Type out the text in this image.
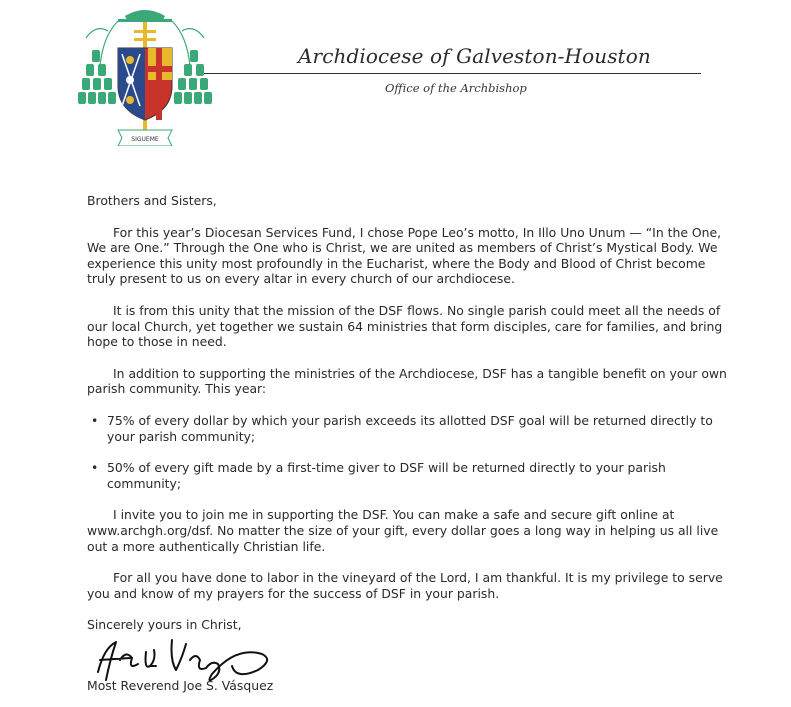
SIGUEME
Archdiocese of Galveston-Houston
Office of the Archbishop

Brothers and Sisters,

For this year’s Diocesan Services Fund, I chose Pope Leo’s motto, In Illo Uno Unum — “In the One, We are One.” Through the One who is Christ, we are united as members of Christ’s Mystical Body. We experience this unity most profoundly in the Eucharist, where the Body and Blood of Christ become truly present to us on every altar in every church of our archdiocese.

It is from this unity that the mission of the DSF flows. No single parish could meet all the needs of our local Church, yet together we sustain 64 ministries that form disciples, care for families, and bring hope to those in need.

In addition to supporting the ministries of the Archdiocese, DSF has a tangible benefit on your own parish community. This year:

• 75% of every dollar by which your parish exceeds its allotted DSF goal will be returned directly to your parish community;
• 50% of every gift made by a first-time giver to DSF will be returned directly to your parish community;

I invite you to join me in supporting the DSF. You can make a safe and secure gift online at www.archgh.org/dsf. No matter the size of your gift, every dollar goes a long way in helping us all live out a more authentically Christian life.

For all you have done to labor in the vineyard of the Lord, I am thankful. It is my privilege to serve you and know of my prayers for the success of DSF in your parish.

Sincerely yours in Christ,

Most Reverend Joe S. Vásquez
